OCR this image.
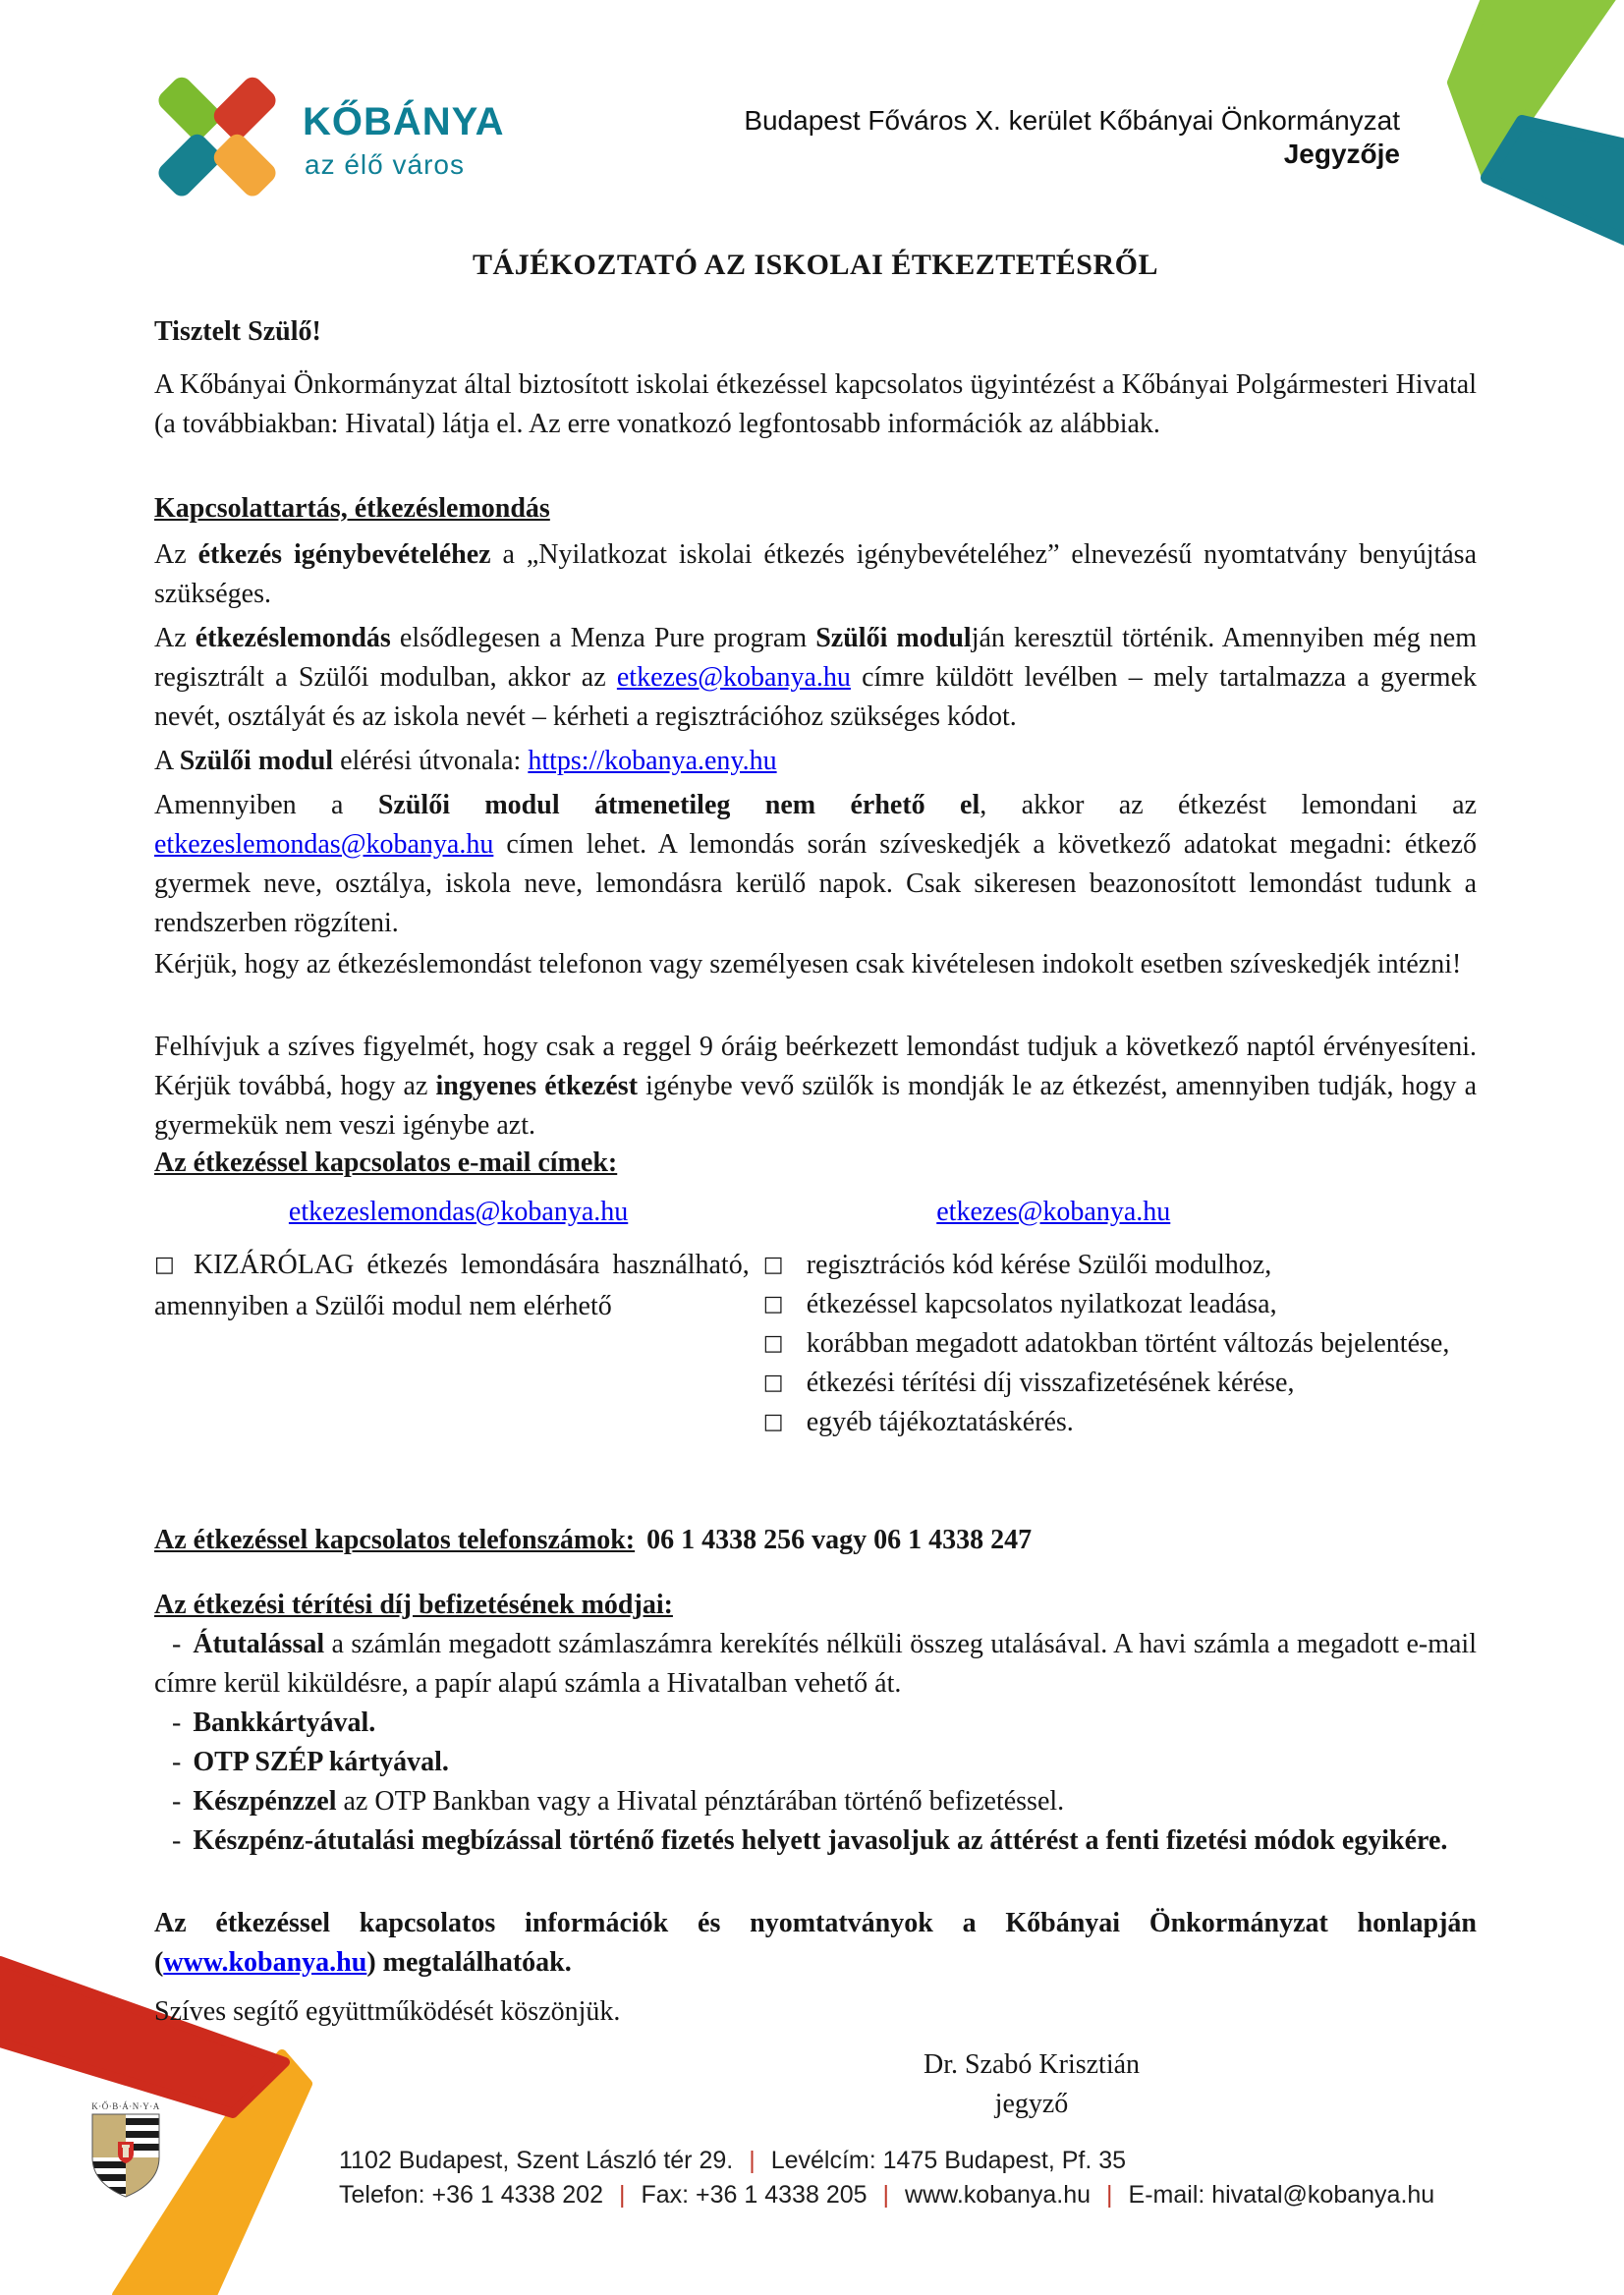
KŐBÁNYA
az élő város
Budapest Főváros X. kerület Kőbányai Önkormányzat
Jegyzője
TÁJÉKOZTATÓ AZ ISKOLAI ÉTKEZTETÉSRŐL
Tisztelt Szülő!
A Kőbányai Önkormányzat által biztosított iskolai étkezéssel kapcsolatos ügyintézést a Kőbányai Polgármesteri Hivatal (a továbbiakban: Hivatal) látja el. Az erre vonatkozó legfontosabb információk az alábbiak.
Kapcsolattartás, étkezéslemondás
Az étkezés igénybevételéhez a „Nyilatkozat iskolai étkezés igénybevételéhez” elnevezésű nyomtatvány benyújtása szükséges.
Az étkezéslemondás elsődlegesen a Menza Pure program Szülői modulján keresztül történik. Amennyiben még nem regisztrált a Szülői modulban, akkor az etkezes@kobanya.hu címre küldött levélben – mely tartalmazza a gyermek nevét, osztályát és az iskola nevét – kérheti a regisztrációhoz szükséges kódot.
A Szülői modul elérési útvonala: https://kobanya.eny.hu
Amennyiben a Szülői modul átmenetileg nem érhető el, akkor az étkezést lemondani az etkezeslemondas@kobanya.hu címen lehet. A lemondás során szíveskedjék a következő adatokat megadni: étkező gyermek neve, osztálya, iskola neve, lemondásra kerülő napok. Csak sikeresen beazonosított lemondást tudunk a rendszerben rögzíteni.
Kérjük, hogy az étkezéslemondást telefonon vagy személyesen csak kivételesen indokolt esetben szíveskedjék intézni!
Felhívjuk a szíves figyelmét, hogy csak a reggel 9 óráig beérkezett lemondást tudjuk a következő naptól érvényesíteni. Kérjük továbbá, hogy az ingyenes étkezést igénybe vevő szülők is mondják le az étkezést, amennyiben tudják, hogy a gyermekük nem veszi igénybe azt.
Az étkezéssel kapcsolatos e-mail címek:
etkezeslemondas@kobanya.hu	etkezes@kobanya.hu
□ KIZÁRÓLAG étkezés lemondására használható, amennyiben a Szülői modul nem elérhető
□ regisztrációs kód kérése Szülői modulhoz,
□ étkezéssel kapcsolatos nyilatkozat leadása,
□ korábban megadott adatokban történt változás bejelentése,
□ étkezési térítési díj visszafizetésének kérése,
□ egyéb tájékoztatáskérés.
Az étkezéssel kapcsolatos telefonszámok: 06 1 4338 256 vagy 06 1 4338 247
Az étkezési térítési díj befizetésének módjai:

- Átutalással a számlán megadott számlaszámra kerekítés nélküli összeg utalásával. A havi számla a megadott e-mail címre kerül kiküldésre, a papír alapú számla a Hivatalban vehető át.

- Bankkártyával.

- OTP SZÉP kártyával.

- Készpénzzel az OTP Bankban vagy a Hivatal pénztárában történő befizetéssel.

- Készpénz-átutalási megbízással történő fizetés helyett javasoljuk az áttérést a fenti fizetési módok egyikére.

Az étkezéssel kapcsolatos információk és nyomtatványok a Kőbányai Önkormányzat honlapján (www.kobanya.hu) megtalálhatóak.
Szíves segítő együttműködését köszönjük.
Dr. Szabó Krisztián
jegyző
K·Ő·B·Á·N·Y·A
1102 Budapest, Szent László tér 29. | Levélcím: 1475 Budapest, Pf. 35
Telefon: +36 1 4338 202 | Fax: +36 1 4338 205 | www.kobanya.hu | E-mail: hivatal@kobanya.hu
